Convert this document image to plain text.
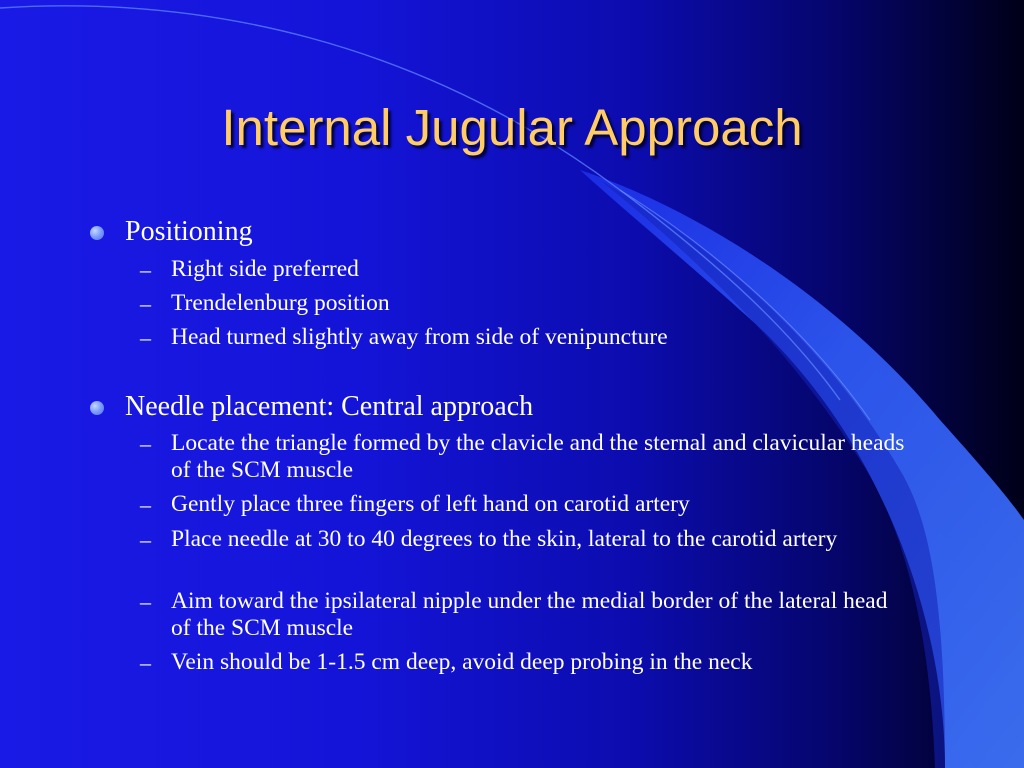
Internal Jugular Approach
Positioning
– Right side preferred
– Trendelenburg position
– Head turned slightly away from side of venipuncture
Needle placement: Central approach
– Locate the triangle formed by the clavicle and the sternal and clavicular heads of the SCM muscle
– Gently place three fingers of left hand on carotid artery
– Place needle at 30 to 40 degrees to the skin, lateral to the carotid artery
– Aim toward the ipsilateral nipple under the medial border of the lateral head of the SCM muscle
– Vein should be 1-1.5 cm deep, avoid deep probing in the neck
